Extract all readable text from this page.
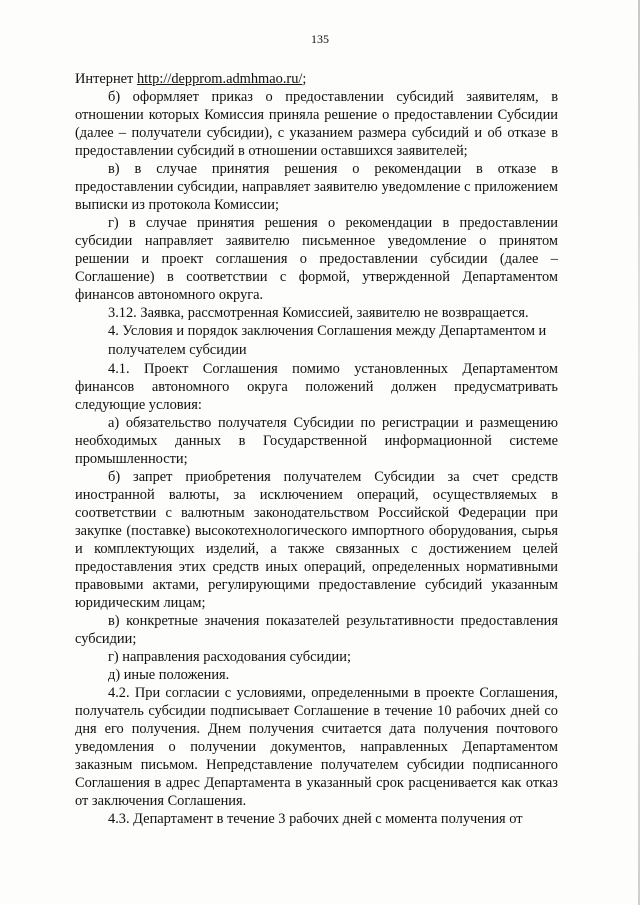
135

Интернет http://depprom.admhmao.ru/;

б) оформляет приказ о предоставлении субсидий заявителям, в отношении которых Комиссия приняла решение о предоставлении Субсидии (далее – получатели субсидии), с указанием размера субсидий и об отказе в предоставлении субсидий в отношении оставшихся заявителей;

в) в случае принятия решения о рекомендации в отказе в предоставлении субсидии, направляет заявителю уведомление с приложением выписки из протокола Комиссии;

г) в случае принятия решения о рекомендации в предоставлении субсидии направляет заявителю письменное уведомление о принятом решении и проект соглашения о предоставлении субсидии (далее – Соглашение) в соответствии с формой, утвержденной Департаментом финансов автономного округа.

3.12. Заявка, рассмотренная Комиссией, заявителю не возвращается.

4. Условия и порядок заключения Соглашения между Департаментом и
получателем субсидии

4.1. Проект Соглашения помимо установленных Департаментом финансов автономного округа положений должен предусматривать следующие условия:

а) обязательство получателя Субсидии по регистрации и размещению необходимых данных в Государственной информационной системе промышленности;

б) запрет приобретения получателем Субсидии за счет средств иностранной валюты, за исключением операций, осуществляемых в соответствии с валютным законодательством Российской Федерации при закупке (поставке) высокотехнологического импортного оборудования, сырья и комплектующих изделий, а также связанных с достижением целей предоставления этих средств иных операций, определенных нормативными правовыми актами, регулирующими предоставление субсидий указанным юридическим лицам;

в) конкретные значения показателей результативности предоставления субсидии;

г) направления расходования субсидии;

д) иные положения.

4.2. При согласии с условиями, определенными в проекте Соглашения, получатель субсидии подписывает Соглашение в течение 10 рабочих дней со дня его получения. Днем получения считается дата получения почтового уведомления о получении документов, направленных Департаментом заказным письмом. Непредставление получателем субсидии подписанного Соглашения в адрес Департамента в указанный срок расценивается как отказ от заключения Соглашения.

4.3. Департамент в течение 3 рабочих дней с момента получения от
